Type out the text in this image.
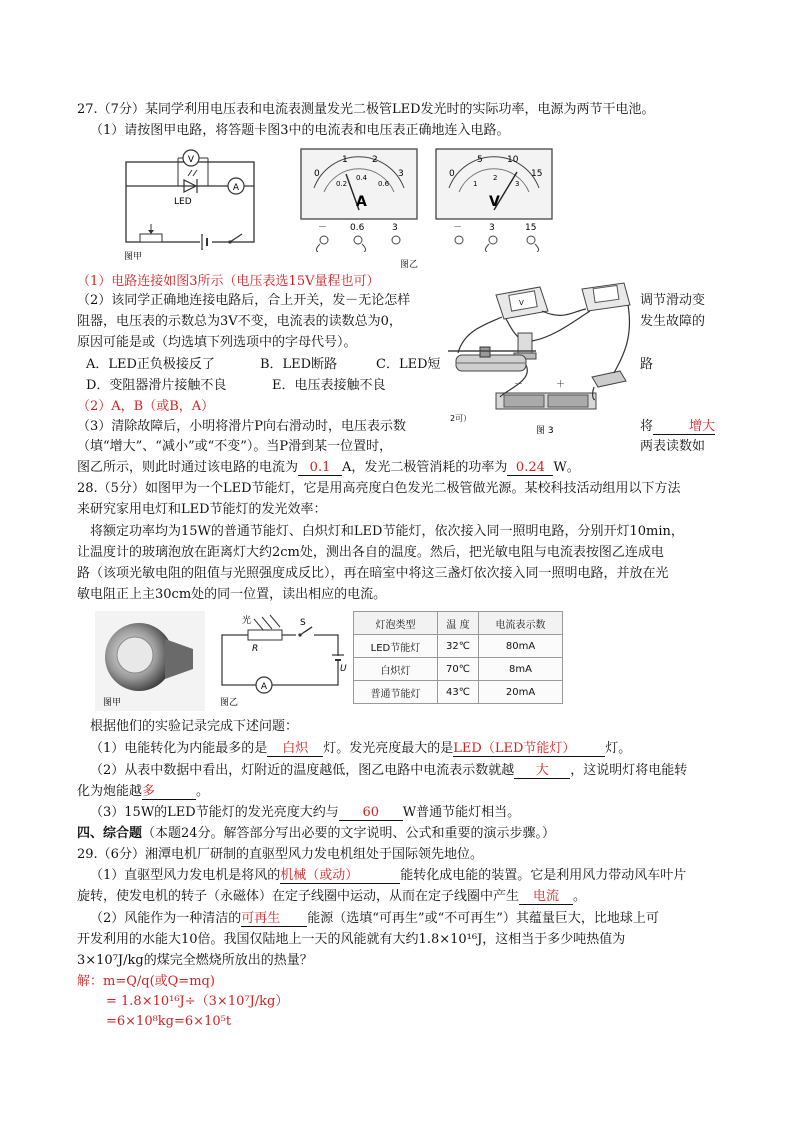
27.（7分）某同学利用电压表和电流表测量发光二极管LED发光时的实际功率，电源为两节干电池。
（1）请按图甲电路，将答题卡图3中的电流表和电压表正确地连入电路。
V
LED
A
图甲
0
1	2
3
0.2
0.4
0.6
A
－	0.6	3
0
5	10
15
1
2
3
V
－	3	15
图乙
（1）电路连接如图3所示（电压表选15V量程也可）
V
－	＋
2可）
图 3
（2）该同学正确地连接电路后，合上开关，发－无论怎样	调节滑动变
阻器，电压表的示数总为3V不变，电流表的读数总为0，	发生故障的
原因可能是或（均选填下列选项中的字母代号）。
A．LED正负极接反了	B．LED断路	C．LED短	路
D．变阻器滑片接触不良	E．电压表接触不良
（2）A，B（或B，A）
（3）清除故障后，小明将滑片P向右滑动时，电压表示数	将	增大
（填“增大”、“减小”或“不变”）。当P滑到某一位置时，	两表读数如
图乙所示，则此时通过该电路的电流为 0.1 A，发光二极管消耗的功率为 0.24 W。
28.（5分）如图甲为一个LED节能灯，它是用高亮度白色发光二极管做光源。某校科技活动组用以下方法
来研究家用电灯和LED节能灯的发光效率：
将额定功率均为15W的普通节能灯、白炽灯和LED节能灯，依次接入同一照明电路，分别开灯10min，
让温度计的玻璃泡放在距离灯大约2cm处，测出各自的温度。然后，把光敏电阻与电流表按图乙连成电
路（该项光敏电阻的阻值与光照强度成反比），再在暗室中将这三盏灯依次接入同一照明电路，并放在光
敏电阻正上主30cm处的同一位置，读出相应的电流。
图甲
光
R
S
U
A
图乙
灯泡类型	温 度	电流表示数
LED节能灯	32℃	80mA
白炽灯	70℃	8mA
普通节能灯	43℃	20mA
根据他们的实验记录完成下述问题：
（1）电能转化为内能最多的是 白炽 灯。发光亮度最大的是LED（LED节能灯） 灯。
（2）从表中数据中看出，灯附近的温度越低，图乙电路中电流表示数就越 大 ，这说明灯将电能转
化为炮能越多	。
（3）15W的LED节能灯的发光亮度大约与 60 W普通节能灯相当。
四、综合题（本题24分。解答部分写出必要的文字说明、公式和重要的演示步骤。）
29.（6分）湘潭电机厂研制的直驱型风力发电机组处于国际领先地位。
（1）直驱型风力发电机是将风的机械（或动）	能转化成电能的装置。它是利用风力带动风车叶片
旋转，使发电机的转子（永磁体）在定子线圈中运动，从而在定子线圈中产生 电流 。
（2）风能作为一种清洁的可再生 能源（选填“可再生”或“不可再生”）其蕴量巨大，比地球上可
开发利用的水能大10倍。我国仅陆地上一天的风能就有大约1.8×10¹⁶J，这相当于多少吨热值为
3×10⁷J/kg的煤完全燃烧所放出的热量？
解：m=Q/q(或Q=mq)
= 1.8×10¹⁶J÷（3×10⁷J/kg）
=6×10⁸kg=6×10⁵t
